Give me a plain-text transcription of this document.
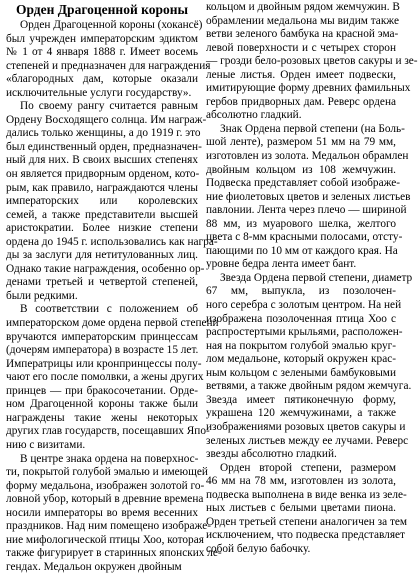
Орден Драгоценной короны
Орден Драгоценной короны (хокансё)
был учрежден императорским эдиктом
№ 1 от 4 января 1888 г. Имеет восемь
степеней и предназначен для награждения
«благородных дам, которые оказали
исключительные услуги государству».
По своему рангу считается равным
Ордену Восходящего солнца. Им награж-
дались только женщины, а до 1919 г. это
был единственный орден, предназначен-
ный для них. В своих высших степенях
он является придворным орденом, кото-
рым, как правило, награждаются члены
императорских или королевских
семей, а также представители высшей
аристократии. Более низкие степени
ордена до 1945 г. использовались как награ-
ды за заслуги для нетитулованных лиц.
Однако такие награждения, особенно ор-
денами третьей и четвертой степеней,
были редкими.
В соответствии с положением об
императорском доме ордена первой степени
вручаются императорским принцессам
(дочерям императора) в возрасте 15 лет.
Императрицы или кронпринцессы полу-
чают его после помолвки, а жены других
принцев — при бракосочетании. Орде-
ном Драгоценной короны также были
награждены такие жены некоторых
других глав государств, посещавших Япо-
нию с визитами.
В центре знака ордена на поверхнос-
ти, покрытой голубой эмалью и имеющей
форму медальона, изображен золотой го-
ловной убор, который в древние времена
носили императоры во время весенних
праздников. Над ним помещено изображе-
ние мифологической птицы Хоо, которая
также фигурирует в старинных японских ле-
гендах. Медальон окружен двойным
кольцом и двойным рядом жемчужин. В
обрамлении медальона мы видим также
ветви зеленого бамбука на красной эма-
левой поверхности и с четырех сторон
— грозди бело-розовых цветов сакуры и зе-
леные листья. Орден имеет подвески,
имитирующие форму древних фамильных
гербов придворных дам. Реверс ордена
абсолютно гладкий.
Знак Ордена первой степени (на Боль-
шой ленте), размером 51 мм на 79 мм,
изготовлен из золота. Медальон обрамлен
двойным кольцом из 108 жемчужин.
Подвеска представляет собой изображе-
ние фиолетовых цветов и зеленых листьев
павлонии. Лента через плечо — шириной
88 мм, из муарового шелка, желтого
цвета с 8-мм красными полосами, отсту-
пающими по 10 мм от каждого края. На
уровне бедра лента имеет бант.
Звезда Ордена первой степени, диаметр
67 мм, выпукла, из позолочен-
ного серебра с золотым центром. На ней
изображена позолоченная птица Хоо с
распростертыми крыльями, расположен-
ная на покрытом голубой эмалью круг-
лом медальоне, который окружен крас-
ным кольцом с зелеными бамбуковыми
ветвями, а также двойным рядом жемчуга.
Звезда имеет пятиконечную форму,
украшена 120 жемчужинами, а также
изображениями розовых цветов сакуры и
зеленых листьев между ее лучами. Реверс
звезды абсолютно гладкий.
Орден второй степени, размером
46 мм на 78 мм, изготовлен из золота,
подвеска выполнена в виде венка из зеле-
ных листьев с белыми цветами пиона.
Орден третьей степени аналогичен за тем
исключением, что подвеска представляет
собой белую бабочку.
